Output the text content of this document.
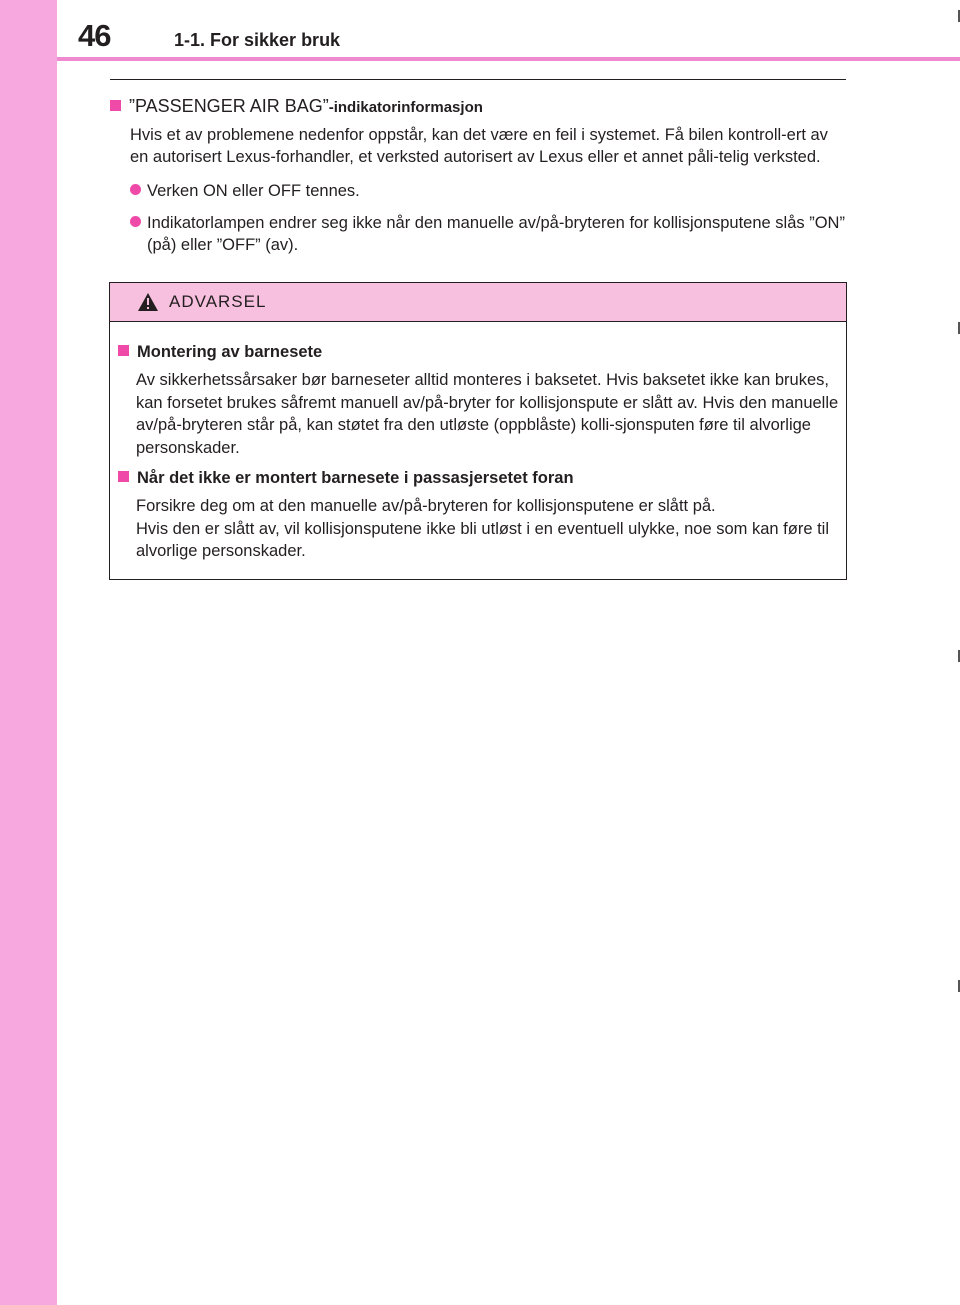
46	1-1. For sikker bruk
”PASSENGER AIR BAG”-indikatorinformasjon
Hvis et av problemene nedenfor oppstår, kan det være en feil i systemet. Få bilen kontroll-ert av en autorisert Lexus-forhandler, et verksted autorisert av Lexus eller et annet påli-telig verksted.
Verken ON eller OFF tennes.
Indikatorlampen endrer seg ikke når den manuelle av/på-bryteren for kollisjonsputene slås ”ON” (på) eller ”OFF” (av).
ADVARSEL
Montering av barnesete
Av sikkerhetssårsaker bør barneseter alltid monteres i baksetet. Hvis baksetet ikke kan brukes, kan forsetet brukes såfremt manuell av/på-bryter for kollisjonspute er slått av. Hvis den manuelle av/på-bryteren står på, kan støtet fra den utløste (oppblåste) kolli-sjonsputen føre til alvorlige personskader.
Når det ikke er montert barnesete i passasjersetet foran
Forsikre deg om at den manuelle av/på-bryteren for kollisjonsputene er slått på.
Hvis den er slått av, vil kollisjonsputene ikke bli utløst i en eventuell ulykke, noe som kan føre til alvorlige personskader.
